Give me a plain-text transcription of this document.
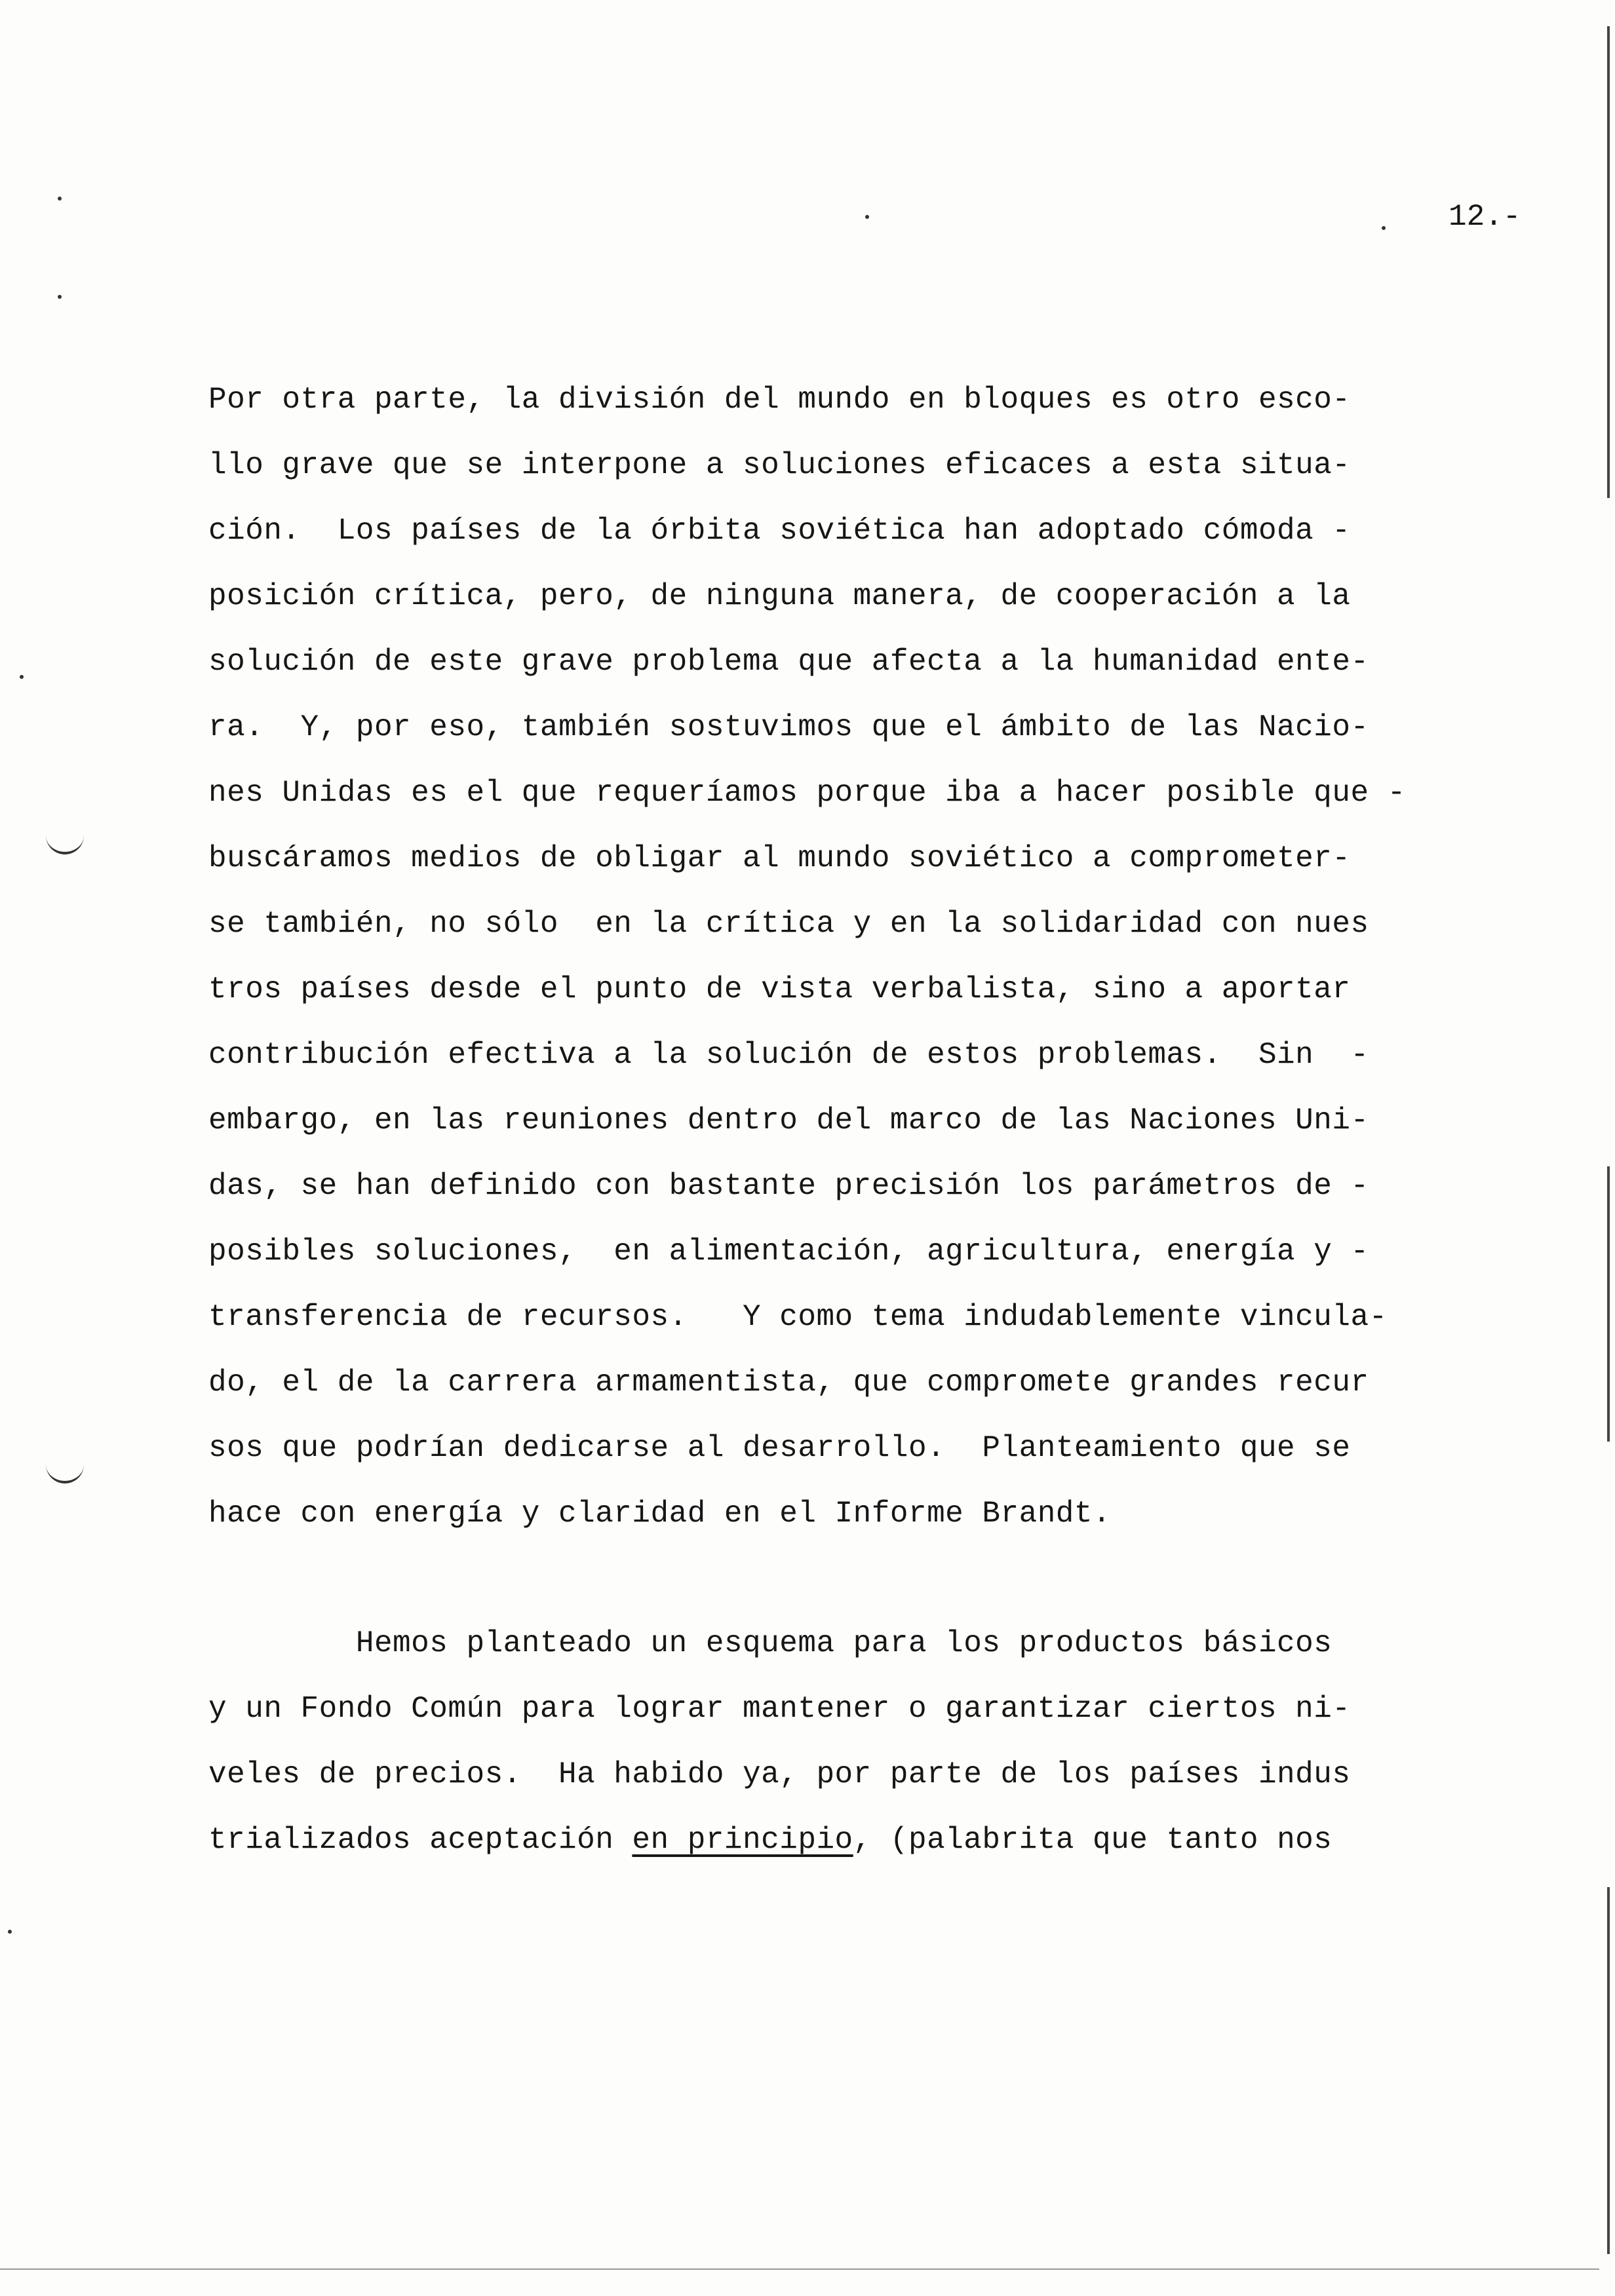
12.-
Por otra parte, la división del mundo en bloques es otro esco-
llo grave que se interpone a soluciones eficaces a esta situa-
ción.  Los países de la órbita soviética han adoptado cómoda -
posición crítica, pero, de ninguna manera, de cooperación a la
solución de este grave problema que afecta a la humanidad ente-
ra.  Y, por eso, también sostuvimos que el ámbito de las Nacio-
nes Unidas es el que requeríamos porque iba a hacer posible que -
buscáramos medios de obligar al mundo soviético a comprometer-
se también, no sólo  en la crítica y en la solidaridad con nues
tros países desde el punto de vista verbalista, sino a aportar
contribución efectiva a la solución de estos problemas.  Sin  -
embargo, en las reuniones dentro del marco de las Naciones Uni-
das, se han definido con bastante precisión los parámetros de -
posibles soluciones,  en alimentación, agricultura, energía y -
transferencia de recursos.   Y como tema indudablemente vincula-
do, el de la carrera armamentista, que compromete grandes recur
sos que podrían dedicarse al desarrollo.  Planteamiento que se
hace con energía y claridad en el Informe Brandt.
Hemos planteado un esquema para los productos básicos
y un Fondo Común para lograr mantener o garantizar ciertos ni-
veles de precios.  Ha habido ya, por parte de los países indus
trializados aceptación en principio, (palabrita que tanto nos
